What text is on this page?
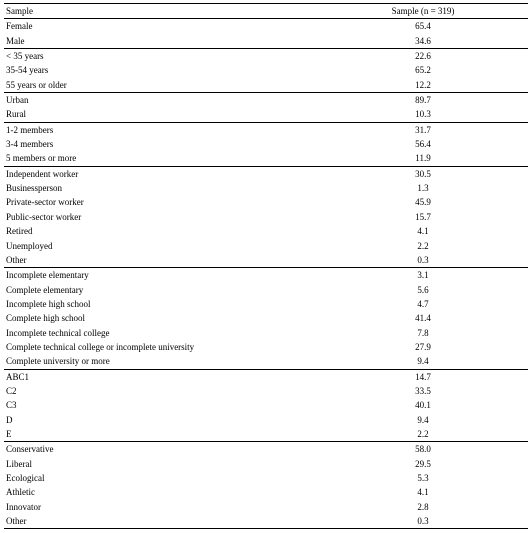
Sample	Sample (n = 319)
Female	65.4
Male	34.6
< 35 years	22.6
35-54 years	65.2
55 years or older	12.2
Urban	89.7
Rural	10.3
1-2 members	31.7
3-4 members	56.4
5 members or more	11.9
Independent worker	30.5
Businessperson	1.3
Private-sector worker	45.9
Public-sector worker	15.7
Retired	4.1
Unemployed	2.2
Other	0.3
Incomplete elementary	3.1
Complete elementary	5.6
Incomplete high school	4.7
Complete high school	41.4
Incomplete technical college	7.8
Complete technical college or incomplete university	27.9
Complete university or more	9.4
ABC1	14.7
C2	33.5
C3	40.1
D	9.4
E	2.2
Conservative	58.0
Liberal	29.5
Ecological	5.3
Athletic	4.1
Innovator	2.8
Other	0.3
